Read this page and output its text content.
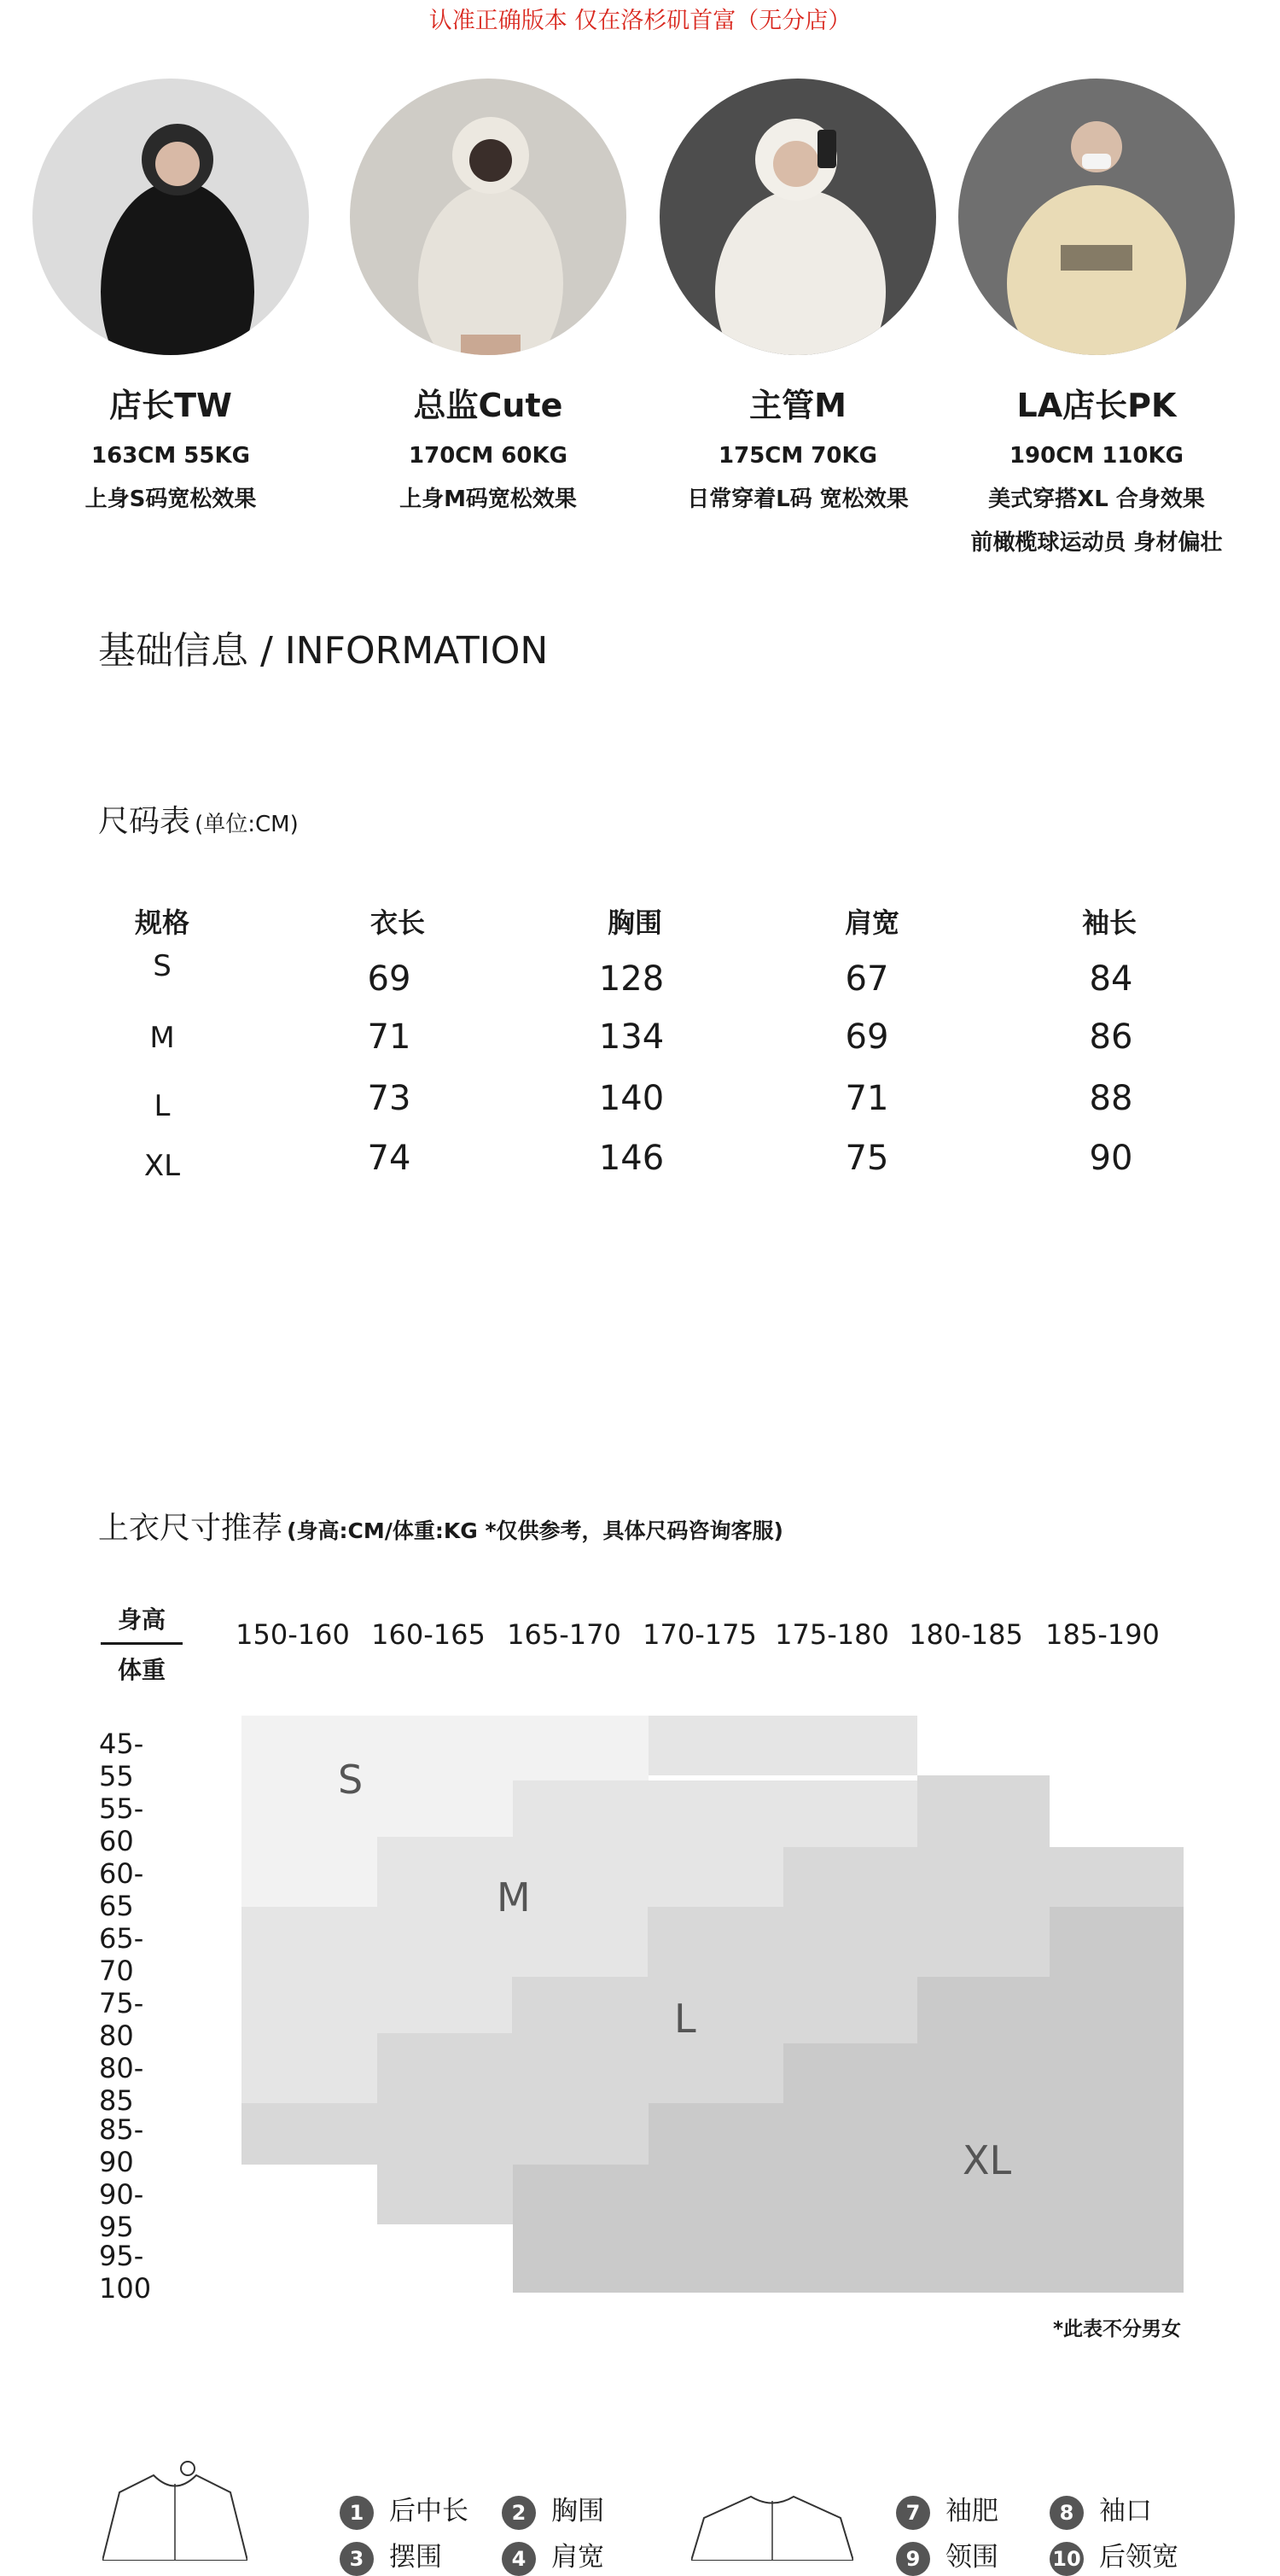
认准正确版本 仅在洛杉矶首富（无分店）
店长TW
163CM 55KG
上身S码宽松效果
总监Cute
170CM 60KG
上身M码宽松效果
主管M
175CM 70KG
日常穿着L码 宽松效果
LA店长PK
190CM 110KG
美式穿搭XL 合身效果
前橄榄球运动员 身材偏壮
基础信息 / INFORMATION
尺码表 (单位:CM)
规格	衣长	胸围	肩宽	袖长
S	69	128	67	84
M	71	134	69	86
L	73	140	71	88
XL	74	146	75	90
上衣尺寸推荐 (身高:CM/体重:KG *仅供参考，具体尺码咨询客服)
身高
体重
150-160 160-165 165-170 170-175 175-180 180-185 185-190
45-55
55-60
60-65
65-70
75-80
80-85
85-90
90-95
95-100
S
M
L
XL
*此表不分男女
1 后中长	2 胸围
3 摆围	4 肩宽
7 袖肥	8 袖口
9 领围	10 后领宽
